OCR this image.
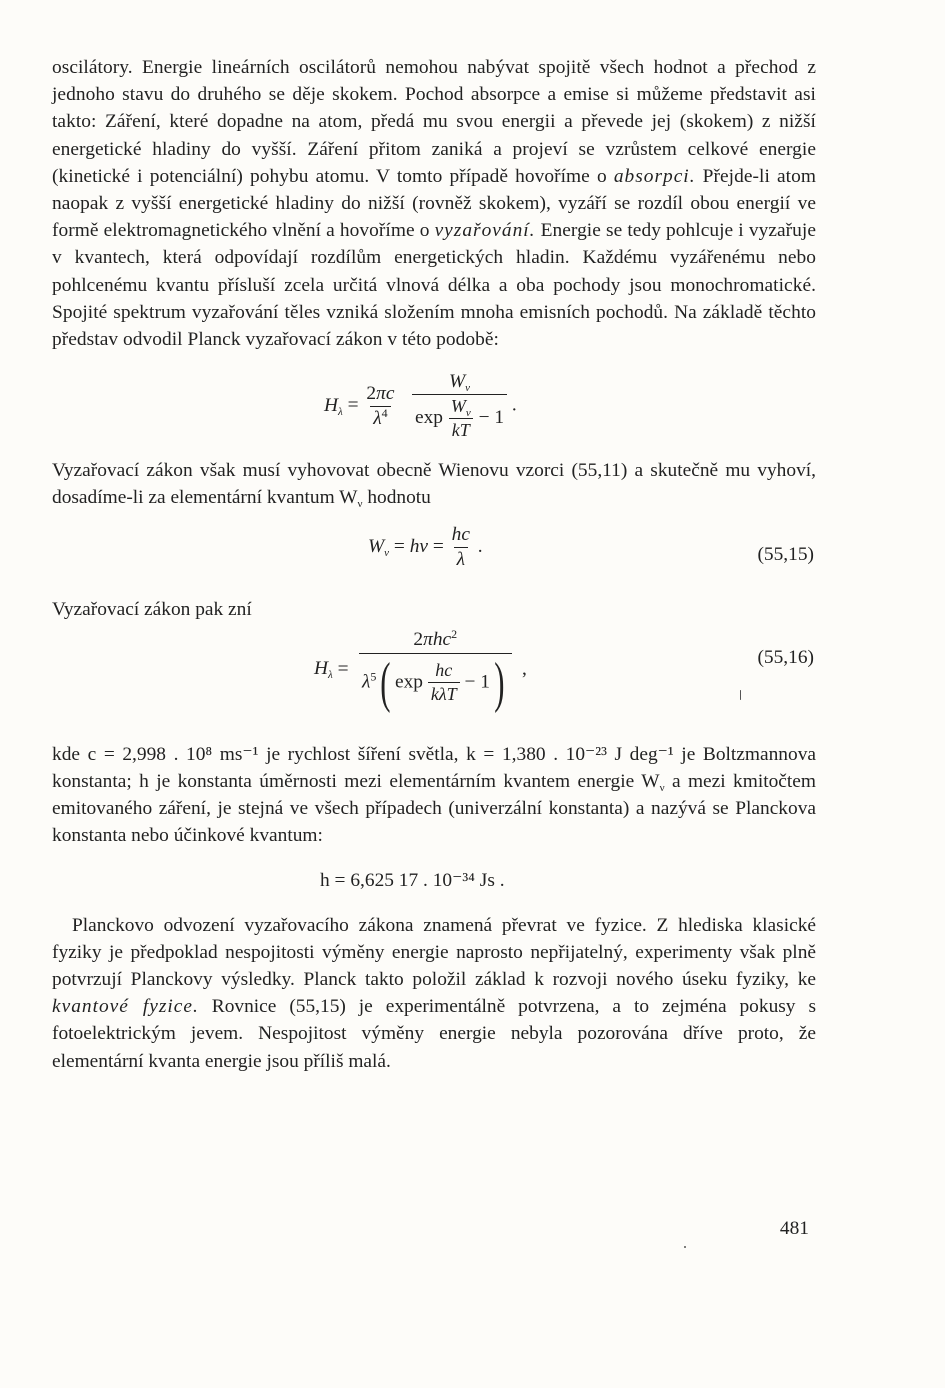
oscilátory. Energie lineárních oscilátorů nemohou nabývat spojitě všech hodnot a přechod z jednoho stavu do druhého se děje skokem. Pochod absorpce a emise si můžeme představit asi takto: Záření, které dopadne na atom, předá mu svou energii a převede jej (skokem) z nižší energetické hladiny do vyšší. Záření přitom zaniká a projeví se vzrůstem celkové energie (kinetické i potenciální) pohybu atomu. V tomto případě hovoříme o absorpci. Přejde-li atom naopak z vyšší energetické hladiny do nižší (rovněž skokem), vyzáří se rozdíl obou energií ve formě elektromagnetického vlnění a hovoříme o vyzařování. Energie se tedy pohlcuje i vyzařuje v kvantech, která odpovídají rozdílům energetických hladin. Každému vyzářenému nebo pohlcenému kvantu přísluší zcela určitá vlnová délka a oba pochody jsou monochromatické. Spojité spektrum vyzařování těles vzniká složením mnoha emisních pochodů. Na základě těchto představ odvodil Planck vyzařovací zákon v této podobě:

$H_\lambda = \frac{2\pi c}{\lambda^4}$
$\frac{W_\nu}{\exp \frac{W_\nu}{kT} - 1}$ .

Vyzařovací zákon však musí vyhovovat obecně Wienovu vzorci (55,11) a skutečně mu vyhoví, dosadíme-li za elementární kvantum $W_\nu$ hodnotu

$W_\nu = h\nu = \frac{hc}{\lambda}$ .	(55,15)

Vyzařovací zákon pak zní

$H_\lambda = \frac{2\pi hc^2}{\lambda^5( \exp \frac{hc}{\text{kλT}} - 1)}$ ,
(55,16)

kde c = 2,998 . 10⁸ ms⁻¹ je rychlost šíření světla, k = 1,380 . 10⁻²³ J deg⁻¹ je Boltzmannova konstanta; h je konstanta úměrnosti mezi elementárním kvantem energie $W_\nu$ a mezi kmitočtem emitovaného záření, je stejná ve všech případech (univerzální konstanta) a nazývá se Planckova konstanta nebo účinkové kvantum:

h = 6,625 17 . 10⁻³⁴ Js .

Planckovo odvození vyzařovacího zákona znamená převrat ve fyzice. Z hlediska klasické fyziky je předpoklad nespojitosti výměny energie naprosto nepřijatelný, experimenty však plně potvrzují Planckovy výsledky. Planck takto položil základ k rozvoji nového úseku fyziky, ke kvantové fyzice. Rovnice (55,15) je experimentálně potvrzena, a to zejména pokusy s fotoelektrickým jevem. Nespojitost výměny energie nebyla pozorována dříve proto, že elementární kvanta energie jsou příliš malá.

481
